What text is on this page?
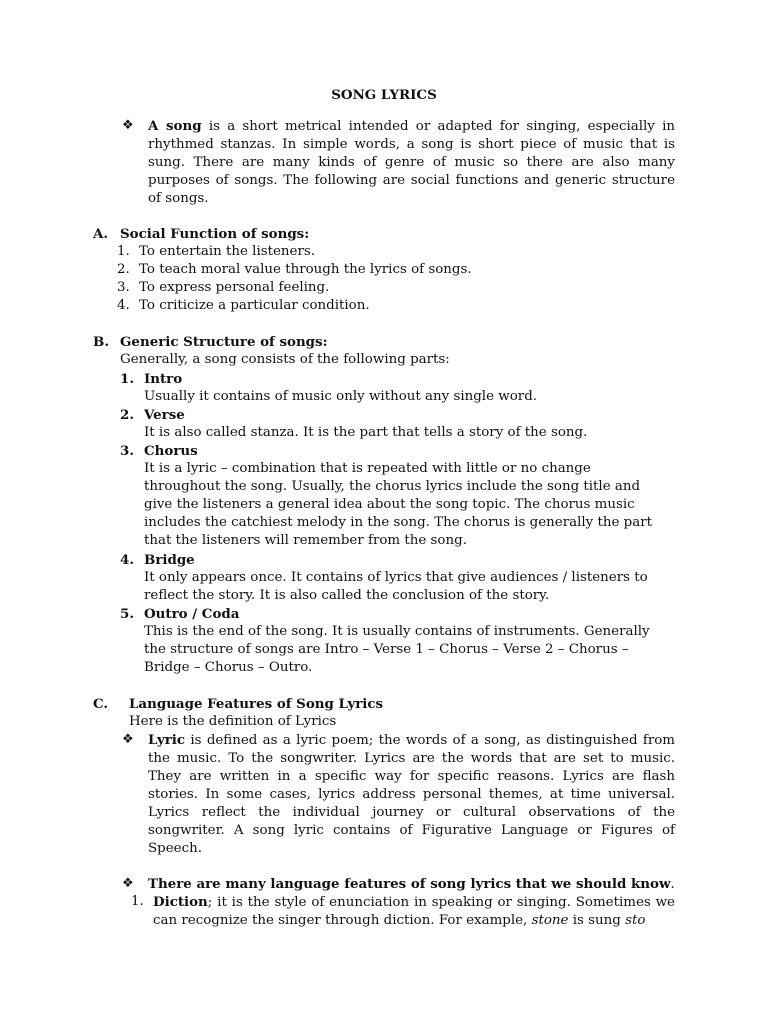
SONG LYRICS
❖ A song is a short metrical intended or adapted for singing, especially in rhythmed stanzas. In simple words, a song is short piece of music that is sung. There are many kinds of genre of music so there are also many purposes of songs. The following are social functions and generic structure of songs.
A. Social Function of songs:
1. To entertain the listeners.
2. To teach moral value through the lyrics of songs.
3. To express personal feeling.
4. To criticize a particular condition.
B. Generic Structure of songs:
Generally, a song consists of the following parts:
1. Intro
Usually it contains of music only without any single word.
2. Verse
It is also called stanza. It is the part that tells a story of the song.
3. Chorus
It is a lyric – combination that is repeated with little or no change throughout the song. Usually, the chorus lyrics include the song title and give the listeners a general idea about the song topic. The chorus music includes the catchiest melody in the song. The chorus is generally the part that the listeners will remember from the song.
4. Bridge
It only appears once. It contains of lyrics that give audiences / listeners to reflect the story. It is also called the conclusion of the story.
5. Outro / Coda
This is the end of the song. It is usually contains of instruments. Generally the structure of songs are Intro – Verse 1 – Chorus – Verse 2 – Chorus – Bridge – Chorus – Outro.
C. Language Features of Song Lyrics
Here is the definition of Lyrics
❖ Lyric is defined as a lyric poem; the words of a song, as distinguished from the music. To the songwriter. Lyrics are the words that are set to music. They are written in a specific way for specific reasons. Lyrics are flash stories. In some cases, lyrics address personal themes, at time universal. Lyrics reflect the individual journey or cultural observations of the songwriter. A song lyric contains of Figurative Language or Figures of Speech.
❖ There are many language features of song lyrics that we should know.
1. Diction; it is the style of enunciation in speaking or singing. Sometimes we can recognize the singer through diction. For example, stone is sung sto
